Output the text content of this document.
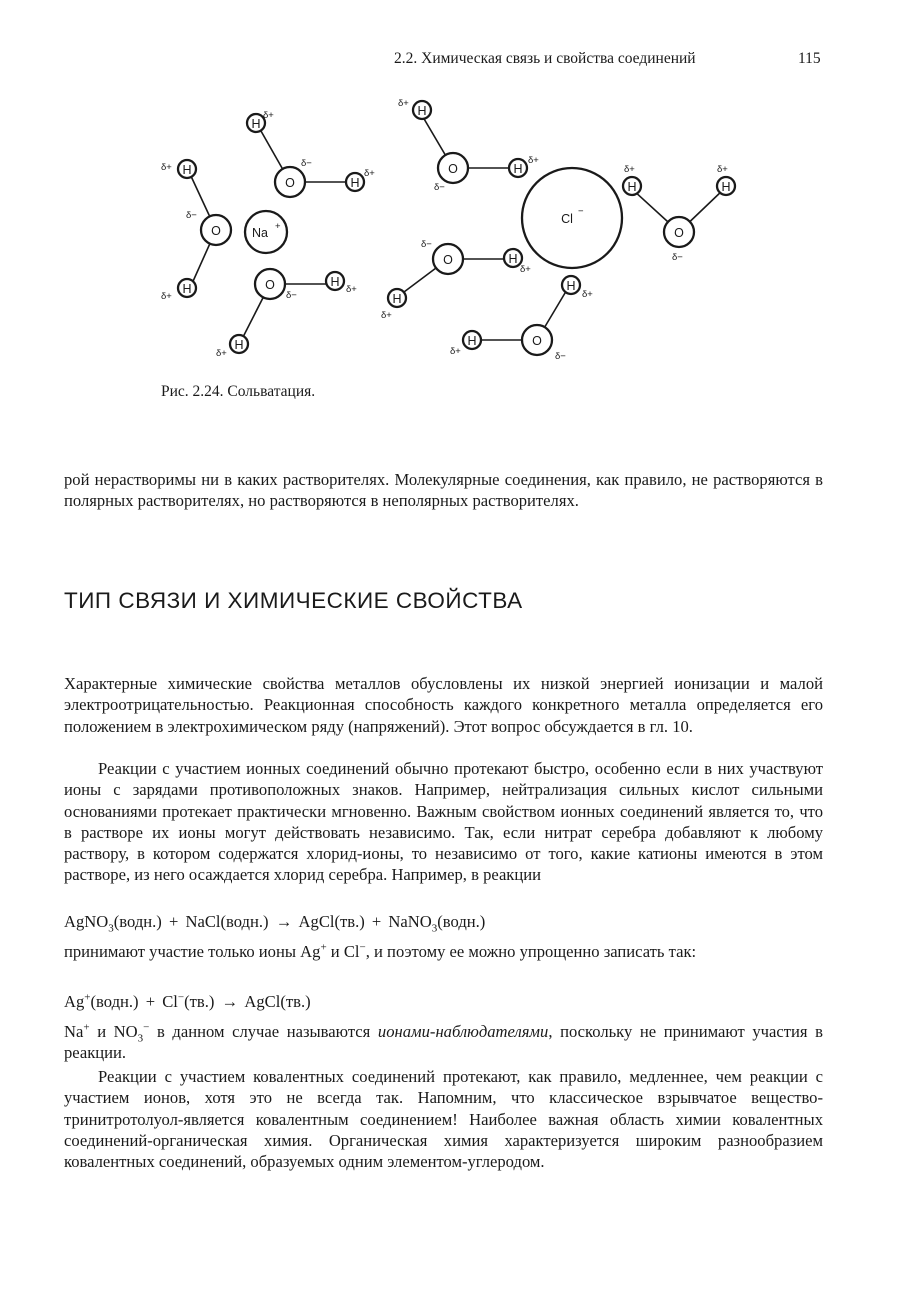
2.2. Химическая связь и свойства соединений	115
Na +
O
δ−
H
δ+
H
δ+
O
δ−
H
δ+
H
δ+
O
δ−
H
δ+
H
δ+
Cl
−
O
δ−
H
δ+
H
δ+
O
δ−
H
δ+
H
δ+
O
δ−
H
δ+
H
δ+
O
δ−
H
δ+
H
δ+
Рис. 2.24. Сольватация.
рой нерастворимы ни в каких растворителях. Молекулярные соединения, как правило, не растворяются в полярных растворителях, но растворяются в неполярных растворителях.
ТИП СВЯЗИ И ХИМИЧЕСКИЕ СВОЙСТВА
Характерные химические свойства металлов обусловлены их низкой энергией ионизации и малой электроотрицательностью. Реакционная способность каждого конкретного металла определяется его положением в электрохимическом ряду (напряжений). Этот вопрос обсуждается в гл. 10.
Реакции с участием ионных соединений обычно протекают быстро, особенно если в них участвуют ионы с зарядами противоположных знаков. Например, нейтрализация сильных кислот сильными основаниями протекает практически мгновенно. Важным свойством ионных соединений является то, что в растворе их ионы могут действовать независимо. Так, если нитрат серебра добавляют к любому раствору, в котором содержатся хлорид-ионы, то независимо от того, какие катионы имеются в этом растворе, из него осаждается хлорид серебра. Например, в реакции
AgNO$_3$(водн.) + NaCl(водн.) → AgCl(тв.) + NaNO$_3$(водн.)
принимают участие только ионы Ag+ и Cl−, и поэтому ее можно упрощенно записать так:
Ag+(водн.) + Cl−(тв.) → AgCl(тв.)
Na+ и $NO_3^-$ в данном случае называются ионами-наблюдателями, поскольку не принимают участия в реакции.
Реакции с участием ковалентных соединений протекают, как правило, медленнее, чем реакции с участием ионов, хотя это не всегда так. Напомним, что классическое взрывчатое вещество-тринитротолуол-является ковалентным соединением! Наиболее важная область химии ковалентных соединений-органическая химия. Органическая химия характеризуется широким разнообразием ковалентных соединений, образуемых одним элементом-углеродом.
